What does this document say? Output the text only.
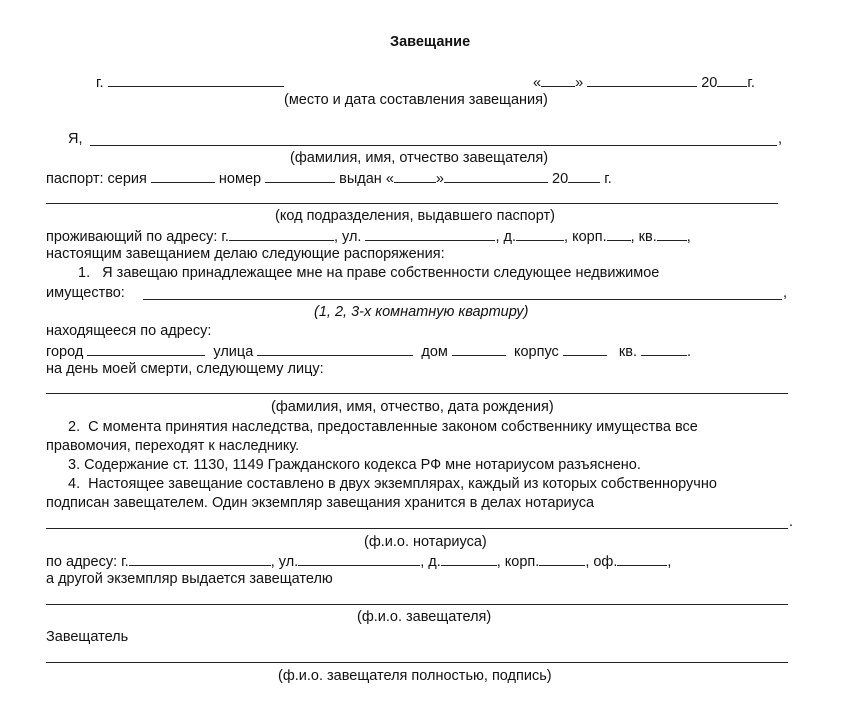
Завещание
г.	« »	20 г.
(место и дата составления завещания)
Я,	,
(фамилия, имя, отчество завещателя)
паспорт: серия	номер	выдан «	»	20 г.
(код подразделения, выдавшего паспорт)
проживающий по адресу: г.	, ул.	, д.	, корп. , кв. ,
настоящим завещанием делаю следующие распоряжения:
1.   Я завещаю принадлежащее мне на праве собственности следующее недвижимое
имущество:	,
(1, 2, 3-х комнатную квартиру)
находящееся по адресу:
город	улица	дом	корпус	кв.	.
на день моей смерти, следующему лицу:
(фамилия, имя, отчество, дата рождения)
2.  С момента принятия наследства, предоставленные законом собственнику имущества все
правомочия, переходят к наследнику.
3. Содержание ст. 1130, 1149 Гражданского кодекса РФ мне нотариусом разъяснено.
4.  Настоящее завещание составлено в двух экземплярах, каждый из которых собственноручно
подписан завещателем. Один экземпляр завещания хранится в делах нотариуса
.
(ф.и.о. нотариуса)
по адресу: г.	, ул.	, д.	, корп.	, оф.	,
а другой экземпляр выдается завещателю
(ф.и.о. завещателя)
Завещатель
(ф.и.о. завещателя полностью, подпись)
